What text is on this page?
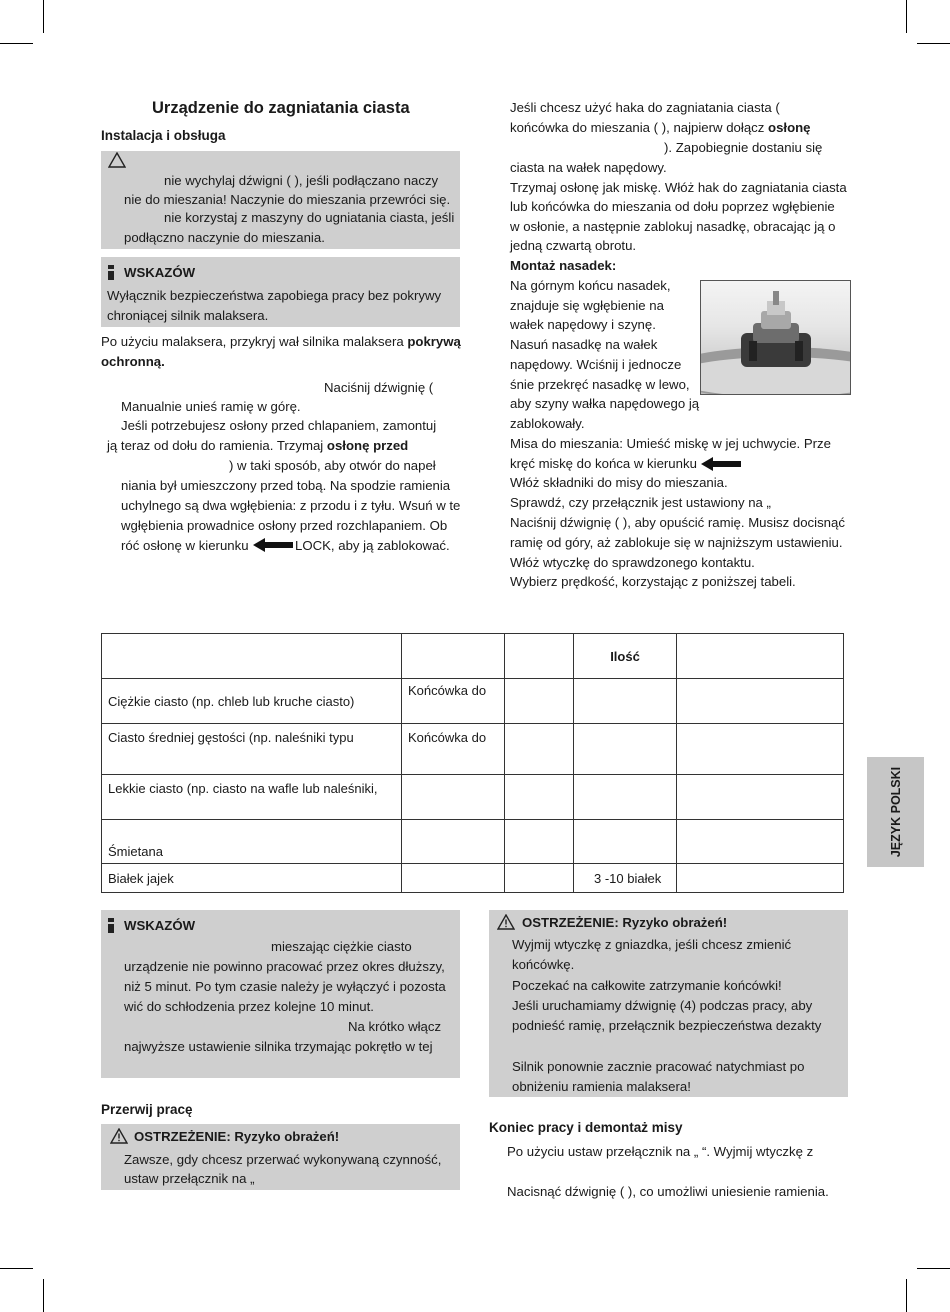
Urządzenie do zagniatania ciasta
Instalacja i obsługa
nie wychylaj dźwigni ( ), jeśli podłączano naczy
nie do mieszania! Naczynie do mieszania przewróci się.
nie korzystaj z maszyny do ugniatania ciasta, jeśli
podłączno naczynie do mieszania.
WSKAZÓW
Wyłącznik bezpieczeństwa zapobiega pracy bez pokrywy
chroniącej silnik malaksera.
Po użyciu malaksera, przykryj wał silnika malaksera pokrywą
ochronną.
Naciśnij dźwignię (
Manualnie unieś ramię w górę.
Jeśli potrzebujesz osłony przed chlapaniem, zamontuj
ją teraz od dołu do ramienia. Trzymaj osłonę przed
) w taki sposób, aby otwór do napeł
niania był umieszczony przed tobą. Na spodzie ramienia
uchylnego są dwa wgłębienia: z przodu i z tyłu. Wsuń w te
wgłębienia prowadnice osłony przed rozchlapaniem. Ob
róć osłonę w kierunku	LOCK, aby ją zablokować.
Jeśli chcesz użyć haka do zagniatania ciasta (
końcówka do mieszania ( ), najpierw dołącz osłonę
). Zapobiegnie dostaniu się
ciasta na wałek napędowy.
Trzymaj osłonę jak miskę. Włóż hak do zagniatania ciasta
lub końcówka do mieszania od dołu poprzez wgłębienie
w osłonie, a następnie zablokuj nasadkę, obracając ją o
jedną czwartą obrotu.
Montaż nasadek:
Na górnym końcu nasadek,
znajduje się wgłębienie na
wałek napędowy i szynę.
Nasuń nasadkę na wałek
napędowy. Wciśnij i jednocze
śnie przekręć nasadkę w lewo,
aby szyny wałka napędowego ją
zablokowały.
Misa do mieszania: Umieść miskę w jej uchwycie. Prze
kręć miskę do końca w kierunku
Włóż składniki do misy do mieszania.
Sprawdź, czy przełącznik jest ustawiony na „
Naciśnij dźwignię ( ), aby opuścić ramię. Musisz docisnąć
ramię od góry, aż zablokuje się w najniższym ustawieniu.
Włóż wtyczkę do sprawdzonego kontaktu.
Wybierz prędkość, korzystając z poniższej tabeli.
			Ilość	
Ciężkie ciasto (np. chleb lub kruche ciasto)	Końcówka do			
Ciasto średniej gęstości (np. naleśniki typu	Końcówka do			
Lekkie ciasto (np. ciasto na wafle lub naleśniki,				
Śmietana				
Białek jajek			3 -10 białek	
JĘZYK POLSKI
WSKAZÓW
mieszając ciężkie ciasto
urządzenie nie powinno pracować przez okres dłuższy,
niż 5 minut. Po tym czasie należy je wyłączyć i pozosta
wić do schłodzenia przez kolejne 10 minut.
Na krótko włącz
najwyższe ustawienie silnika trzymając pokrętło w tej
Przerwij pracę
OSTRZEŻENIE: Ryzyko obrażeń!
Zawsze, gdy chcesz przerwać wykonywaną czynność,
ustaw przełącznik na „
OSTRZEŻENIE: Ryzyko obrażeń!
Wyjmij wtyczkę z gniazdka, jeśli chcesz zmienić
końcówkę.
Poczekać na całkowite zatrzymanie końcówki!
Jeśli uruchamiamy dźwignię (4) podczas pracy, aby
podnieść ramię, przełącznik bezpieczeństwa dezakty
Silnik ponownie zacznie pracować natychmiast po
obniżeniu ramienia malaksera!
Koniec pracy i demontaż misy
Po użyciu ustaw przełącznik na „ “. Wyjmij wtyczkę z
Nacisnąć dźwignię ( ), co umożliwi uniesienie ramienia.
